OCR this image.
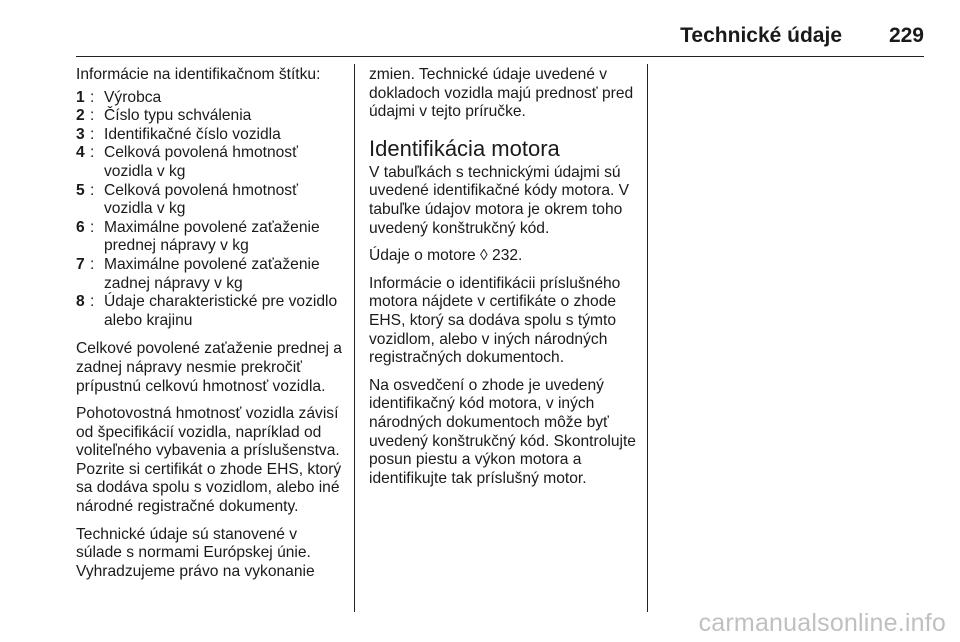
Technické údaje 229

Informácie na identifikačnom štítku:

1 : Výrobca
2 : Číslo typu schválenia
3 : Identifikačné číslo vozidla
4 : Celková povolená hmotnosť vozidla v kg
5 : Celková povolená hmotnosť vozidla v kg
6 : Maximálne povolené zaťaženie prednej nápravy v kg
7 : Maximálne povolené zaťaženie zadnej nápravy v kg
8 : Údaje charakteristické pre vozidlo alebo krajinu

Celkové povolené zaťaženie prednej a zadnej nápravy nesmie prekročiť prípustnú celkovú hmotnosť vozidla.

Pohotovostná hmotnosť vozidla závisí od špecifikácií vozidla, napríklad od voliteľného vybavenia a príslušenstva. Pozrite si certifikát o zhode EHS, ktorý sa dodáva spolu s vozidlom, alebo iné národné registračné dokumenty.

Technické údaje sú stanovené v súlade s normami Európskej únie. Vyhradzujeme právo na vykonanie

zmien. Technické údaje uvedené v dokladoch vozidla majú prednosť pred údajmi v tejto príručke.

Identifikácia motora

V tabuľkách s technickými údajmi sú uvedené identifikačné kódy motora. V tabuľke údajov motora je okrem toho uvedený konštrukčný kód.

Údaje o motore ◊ 232.

Informácie o identifikácii príslušného motora nájdete v certifikáte o zhode EHS, ktorý sa dodáva spolu s týmto vozidlom, alebo v iných národných registračných dokumentoch.

Na osvedčení o zhode je uvedený identifikačný kód motora, v iných národných dokumentoch môže byť uvedený konštrukčný kód. Skontrolujte posun piestu a výkon motora a identifikujte tak príslušný motor.

carmanualsonline.info
